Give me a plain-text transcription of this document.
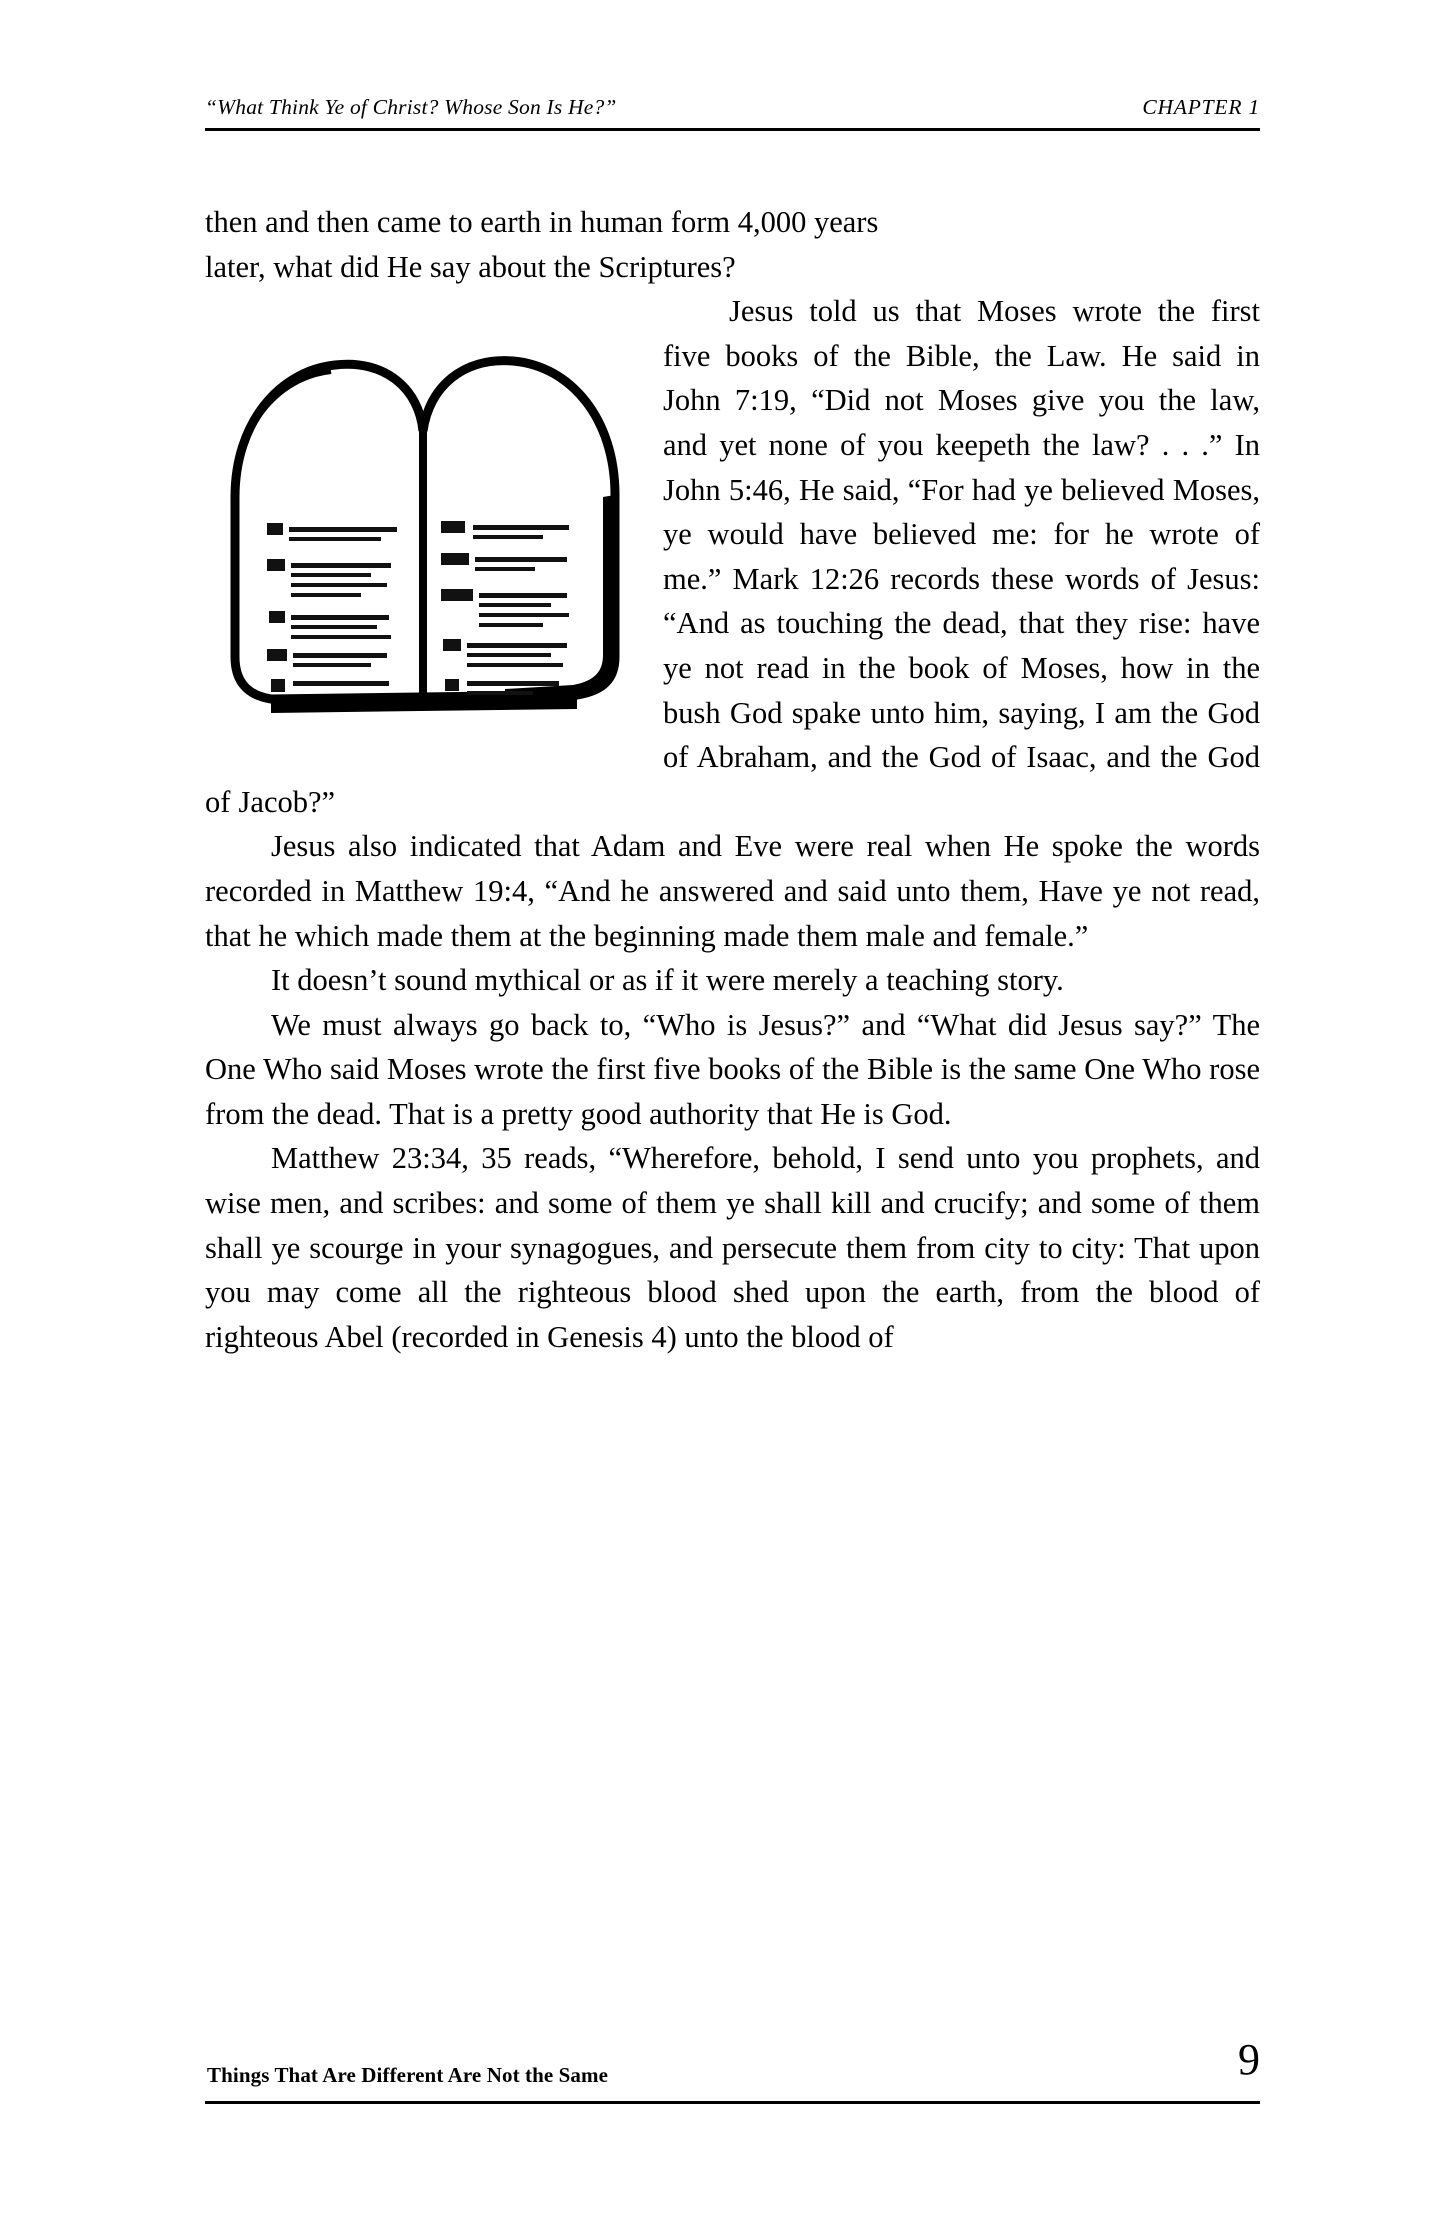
“What Think Ye of Christ? Whose Son Is He?”	CHAPTER 1

then and then came to earth in human form 4,000 years
later, what did He say about the Scriptures?

Jesus told us that Moses wrote the first five books of the Bible, the Law. He said in John 7:19, “Did not Moses give you the law, and yet none of you keepeth the law? . . .” In John 5:46, He said, “For had ye believed Moses, ye would have believed me: for he wrote of me.” Mark 12:26 records these words of Jesus: “And as touching the dead, that they rise: have ye not read in the book of Moses, how in the bush God spake unto him, saying, I am the God of Abraham, and the God of Isaac, and the God of Jacob?”

Jesus also indicated that Adam and Eve were real when He spoke the words recorded in Matthew 19:4, “And he answered and said unto them, Have ye not read, that he which made them at the beginning made them male and female.”

It doesn’t sound mythical or as if it were merely a teaching story.

We must always go back to, “Who is Jesus?” and “What did Jesus say?” The One Who said Moses wrote the first five books of the Bible is the same One Who rose from the dead. That is a pretty good authority that He is God.

Matthew 23:34, 35 reads, “Wherefore, behold, I send unto you prophets, and wise men, and scribes: and some of them ye shall kill and crucify; and some of them shall ye scourge in your synagogues, and persecute them from city to city: That upon you may come all the righteous blood shed upon the earth, from the blood of righteous Abel (recorded in Genesis 4) unto the blood of

Things That Are Different Are Not the Same	9
